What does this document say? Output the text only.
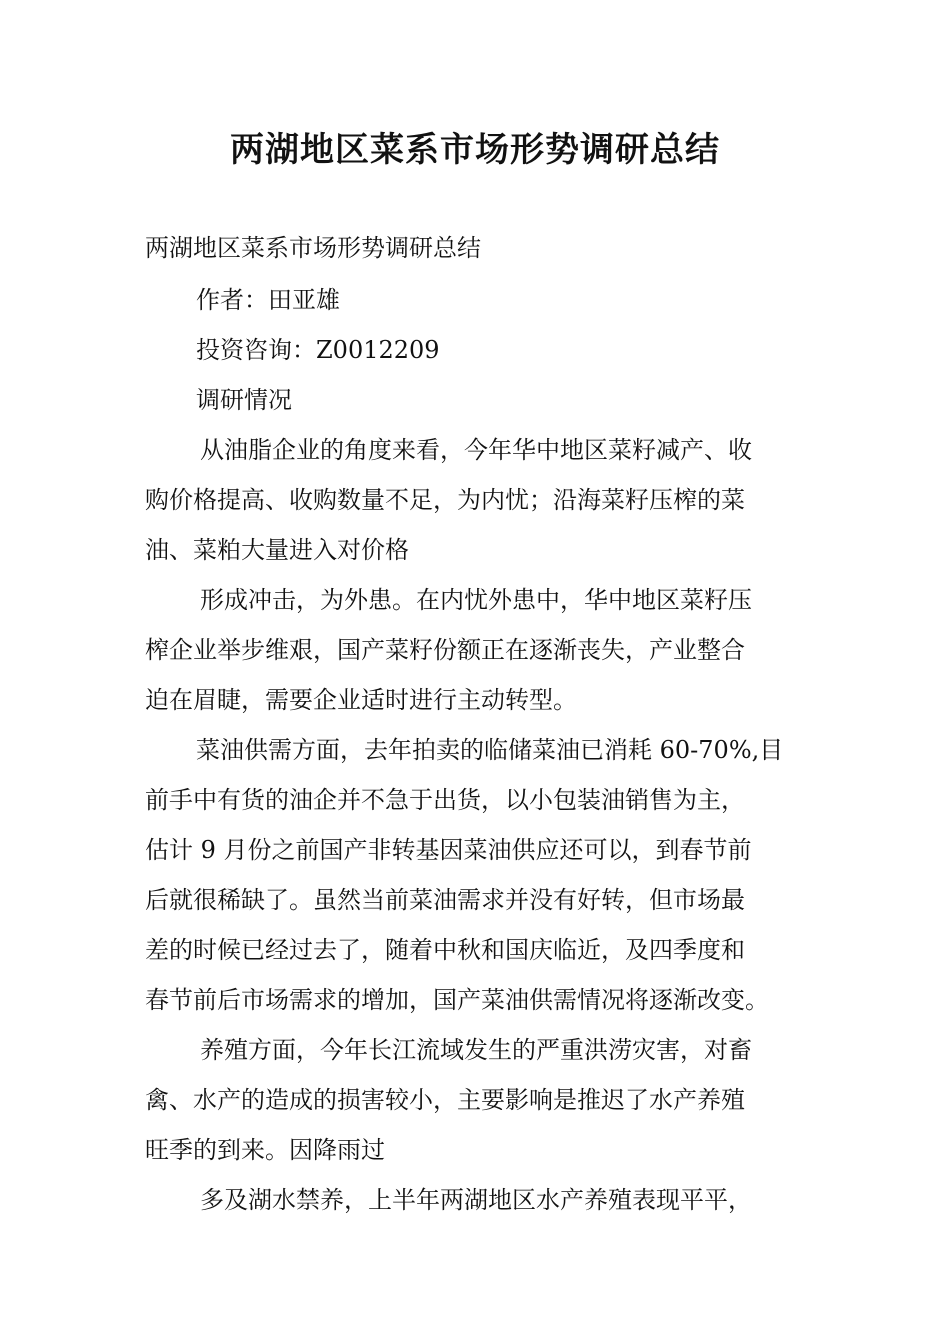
两湖地区菜系市场形势调研总结

两湖地区菜系市场形势调研总结

作者：田亚雄

投资咨询：Z0012209

调研情况

从油脂企业的角度来看，今年华中地区菜籽减产、收

购价格提高、收购数量不足，为内忧；沿海菜籽压榨的菜

油、菜粕大量进入对价格

形成冲击，为外患。在内忧外患中，华中地区菜籽压

榨企业举步维艰，国产菜籽份额正在逐渐丧失，产业整合

迫在眉睫，需要企业适时进行主动转型。

菜油供需方面，去年拍卖的临储菜油已消耗 60-70%,目

前手中有货的油企并不急于出货，以小包装油销售为主，

估计 9 月份之前国产非转基因菜油供应还可以，到春节前

后就很稀缺了。虽然当前菜油需求并没有好转，但市场最

差的时候已经过去了，随着中秋和国庆临近，及四季度和

春节前后市场需求的增加，国产菜油供需情况将逐渐改变。

养殖方面，今年长江流域发生的严重洪涝灾害，对畜

禽、水产的造成的损害较小，主要影响是推迟了水产养殖

旺季的到来。因降雨过

多及湖水禁养，上半年两湖地区水产养殖表现平平，
